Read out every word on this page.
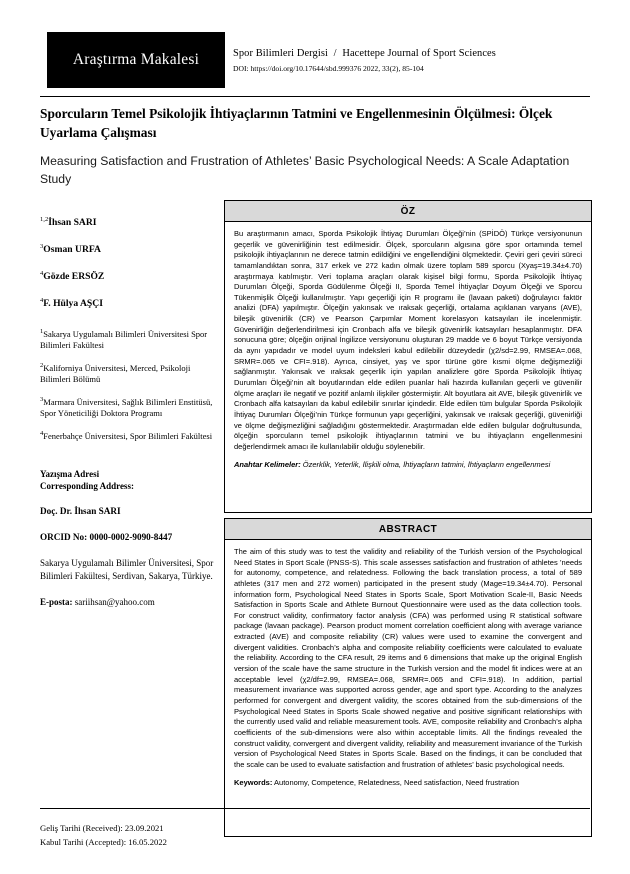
Araştırma Makalesi	Spor Bilimleri Dergisi / Hacettepe Journal of Sport Sciences
DOI: https://doi.org/10.17644/sbd.999376 2022, 33(2), 85-104
Sporcuların Temel Psikolojik İhtiyaçlarının Tatmini ve Engellenmesinin Ölçülmesi: Ölçek Uyarlama Çalışması
Measuring Satisfaction and Frustration of Athletes’ Basic Psychological Needs: A Scale Adaptation Study
$^{1,2}$İhsan SARI
$^3$Osman URFA
$^4$Gözde ERSÖZ
$^4$F. Hülya AŞÇI
$^1$Sakarya Uygulamalı Bilimleri Üniversitesi Spor Bilimleri Fakültesi
$^2$Kaliforniya Üniversitesi, Merced, Psikoloji Bilimleri Bölümü
$^3$Marmara Üniversitesi, Sağlık Bilimleri Enstitüsü, Spor Yöneticiliği Doktora Programı
$^4$Fenerbahçe Üniversitesi, Spor Bilimleri Fakültesi
Yazışma Adresi
Corresponding Address:
Doç. Dr. İhsan SARI
ORCID No: 0000-0002-9090-8447
Sakarya Uygulamalı Bilimler Üniversitesi, Spor Bilimleri Fakültesi, Serdivan, Sakarya, Türkiye.
E-posta: sariihsan@yahoo.com
ÖZ
Bu araştırmanın amacı, Sporda Psikolojik İhtiyaç Durumları Ölçeği’nin (SPİDÖ) Türkçe versiyonunun geçerlik ve güvenirliğinin test edilmesidir. Ölçek, sporcuların algısına göre spor ortamında temel psikolojik ihtiyaçlarının ne derece tatmin edildiğini ve engellendiğini ölçmektedir. Çeviri geri çeviri süreci tamamlandıktan sonra, 317 erkek ve 272 kadın olmak üzere toplam 589 sporcu (Xyaş=19.34±4.70) araştırmaya katılmıştır. Veri toplama araçları olarak kişisel bilgi formu, Sporda Psikolojik İhtiyaç Durumları Ölçeği, Sporda Güdülenme Ölçeği II, Sporda Temel İhtiyaçlar Doyum Ölçeği ve Sporcu Tükenmişlik Ölçeği kullanılmıştır. Yapı geçerliği için R programı ile (lavaan paketi) doğrulayıcı faktör analizi (DFA) yapılmıştır. Ölçeğin yakınsak ve ıraksak geçerliği, ortalama açıklanan varyans (AVE), bileşik güvenirlik (CR) ve Pearson Çarpımlar Moment korelasyon katsayıları ile incelenmiştir. Güvenirliğin değerlendirilmesi için Cronbach alfa ve bileşik güvenirlik katsayıları hesaplanmıştır. DFA sonucuna göre; ölçeğin orijinal İngilizce versiyonunu oluşturan 29 madde ve 6 boyut Türkçe versiyonda da aynı yapıdadır ve model uyum indeksleri kabul edilebilir düzeydedir (χ2/sd=2.99, RMSEA=.068, SRMR=.065 ve CFI=.918). Ayrıca, cinsiyet, yaş ve spor türüne göre kısmi ölçme değişmezliği sağlanmıştır. Yakınsak ve ıraksak geçerlik için yapılan analizlere göre Sporda Psikolojik İhtiyaç Durumları Ölçeği’nin alt boyutlarından elde edilen puanlar hali hazırda kullanılan geçerli ve güvenilir ölçme araçları ile negatif ve pozitif anlamlı ilişkiler göstermiştir. Alt boyutlara ait AVE, bileşik güvenirlik ve Cronbach alfa katsayıları da kabul edilebilir sınırlar içindedir. Elde edilen tüm bulgular Sporda Psikolojik İhtiyaç Durumları Ölçeği’nin Türkçe formunun yapı geçerliğini, yakınsak ve ıraksak geçerliği, güvenirliği ve ölçme değişmezliğini sağladığını göstermektedir. Araştırmadan elde edilen bulgular doğrultusunda, ölçeğin sporcuların temel psikolojik ihtiyaçlarının tatmini ve bu ihtiyaçların engellenmesini değerlendirmek amacı ile kullanılabilir olduğu söylenebilir.
Anahtar Kelimeler: Özerklik, Yeterlik, İlişkili olma, İhtiyaçların tatmini, İhtiyaçların engellenmesi
ABSTRACT
The aim of this study was to test the validity and reliability of the Turkish version of the Psychological Need States in Sport Scale (PNSS-S). This scale assesses satisfaction and frustration of athletes ’needs for autonomy, competence, and relatedness. Following the back translation process, a total of 589 athletes (317 men and 272 women) participated in the present study (Mage=19.34±4.70). Personal information form, Psychological Need States in Sports Scale, Sport Motivation Scale-II, Basic Needs Satisfaction in Sports Scale and Athlete Burnout Questionnaire were used as the data collection tools. For construct validity, confirmatory factor analysis (CFA) was performed using R statistical software package (lavaan package). Pearson product moment correlation coefficient along with average variance extracted (AVE) and composite reliability (CR) values were used to examine the convergent and divergent validities. Cronbach’s alpha and composite reliability coefficients were calculated to evaluate the reliability. According to the CFA result, 29 items and 6 dimensions that make up the original English version of the scale have the same structure in the Turkish version and the model fit indices were at an acceptable level (χ2/df=2.99, RMSEA=.068, SRMR=.065 and CFI=.918). In addition, partial measurement invariance was supported across gender, age and sport type. According to the analyzes performed for convergent and divergent validity, the scores obtained from the sub-dimensions of the Psychological Need States in Sports Scale showed negative and positive significant relationships with the currently used valid and reliable measurement tools. AVE, composite reliability and Cronbach’s alpha coefficients of the sub-dimensions were also within acceptable limits. All the findings revealed the construct validity, convergent and divergent validity, reliability and measurement invariance of the Turkish version of Psychological Need States in Sports Scale. Based on the findings, it can be concluded that the scale can be used to evaluate satisfaction and frustration of athletes’ basic psychological needs.
Keywords: Autonomy, Competence, Relatedness, Need satisfaction, Need frustration
Geliş Tarihi (Received): 23.09.2021
Kabul Tarihi (Accepted): 16.05.2022
